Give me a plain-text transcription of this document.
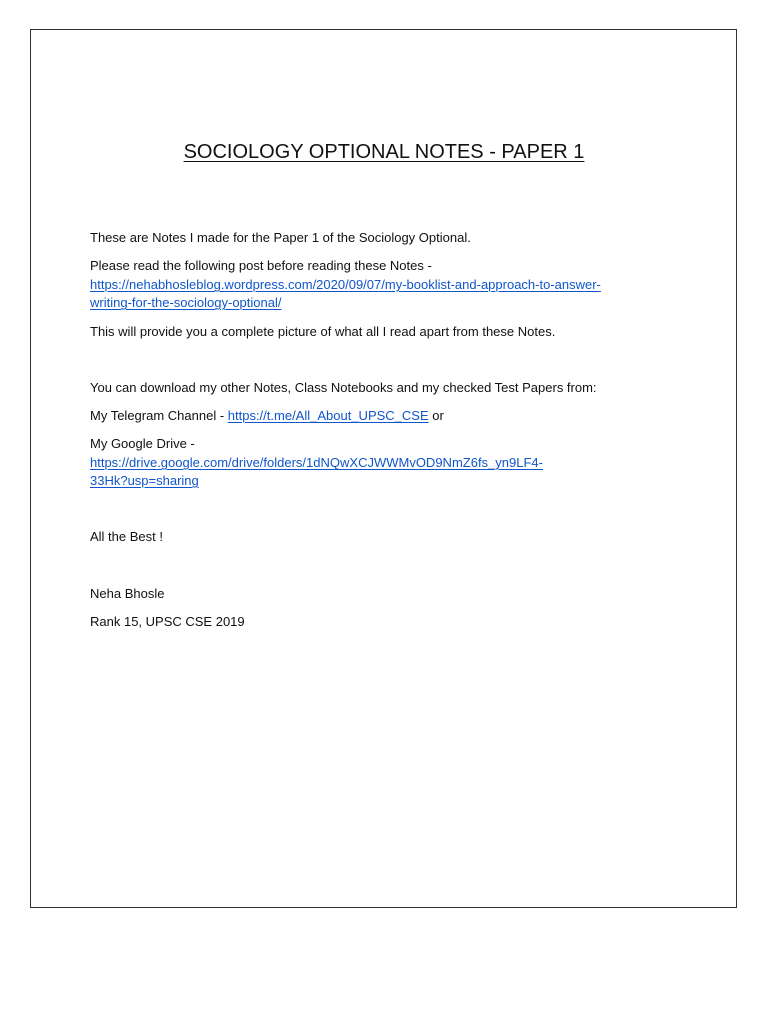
SOCIOLOGY OPTIONAL NOTES - PAPER 1
These are Notes I made for the Paper 1 of the Sociology Optional.
Please read the following post before reading these Notes -
https://nehabhosleblog.wordpress.com/2020/09/07/my-booklist-and-approach-to-answer-
writing-for-the-sociology-optional/
This will provide you a complete picture of what all I read apart from these Notes.
You can download my other Notes, Class Notebooks and my checked Test Papers from:
My Telegram Channel - https://t.me/All_About_UPSC_CSE or
My Google Drive -
https://drive.google.com/drive/folders/1dNQwXCJWWMvOD9NmZ6fs_yn9LF4-
33Hk?usp=sharing
All the Best !
Neha Bhosle
Rank 15, UPSC CSE 2019
